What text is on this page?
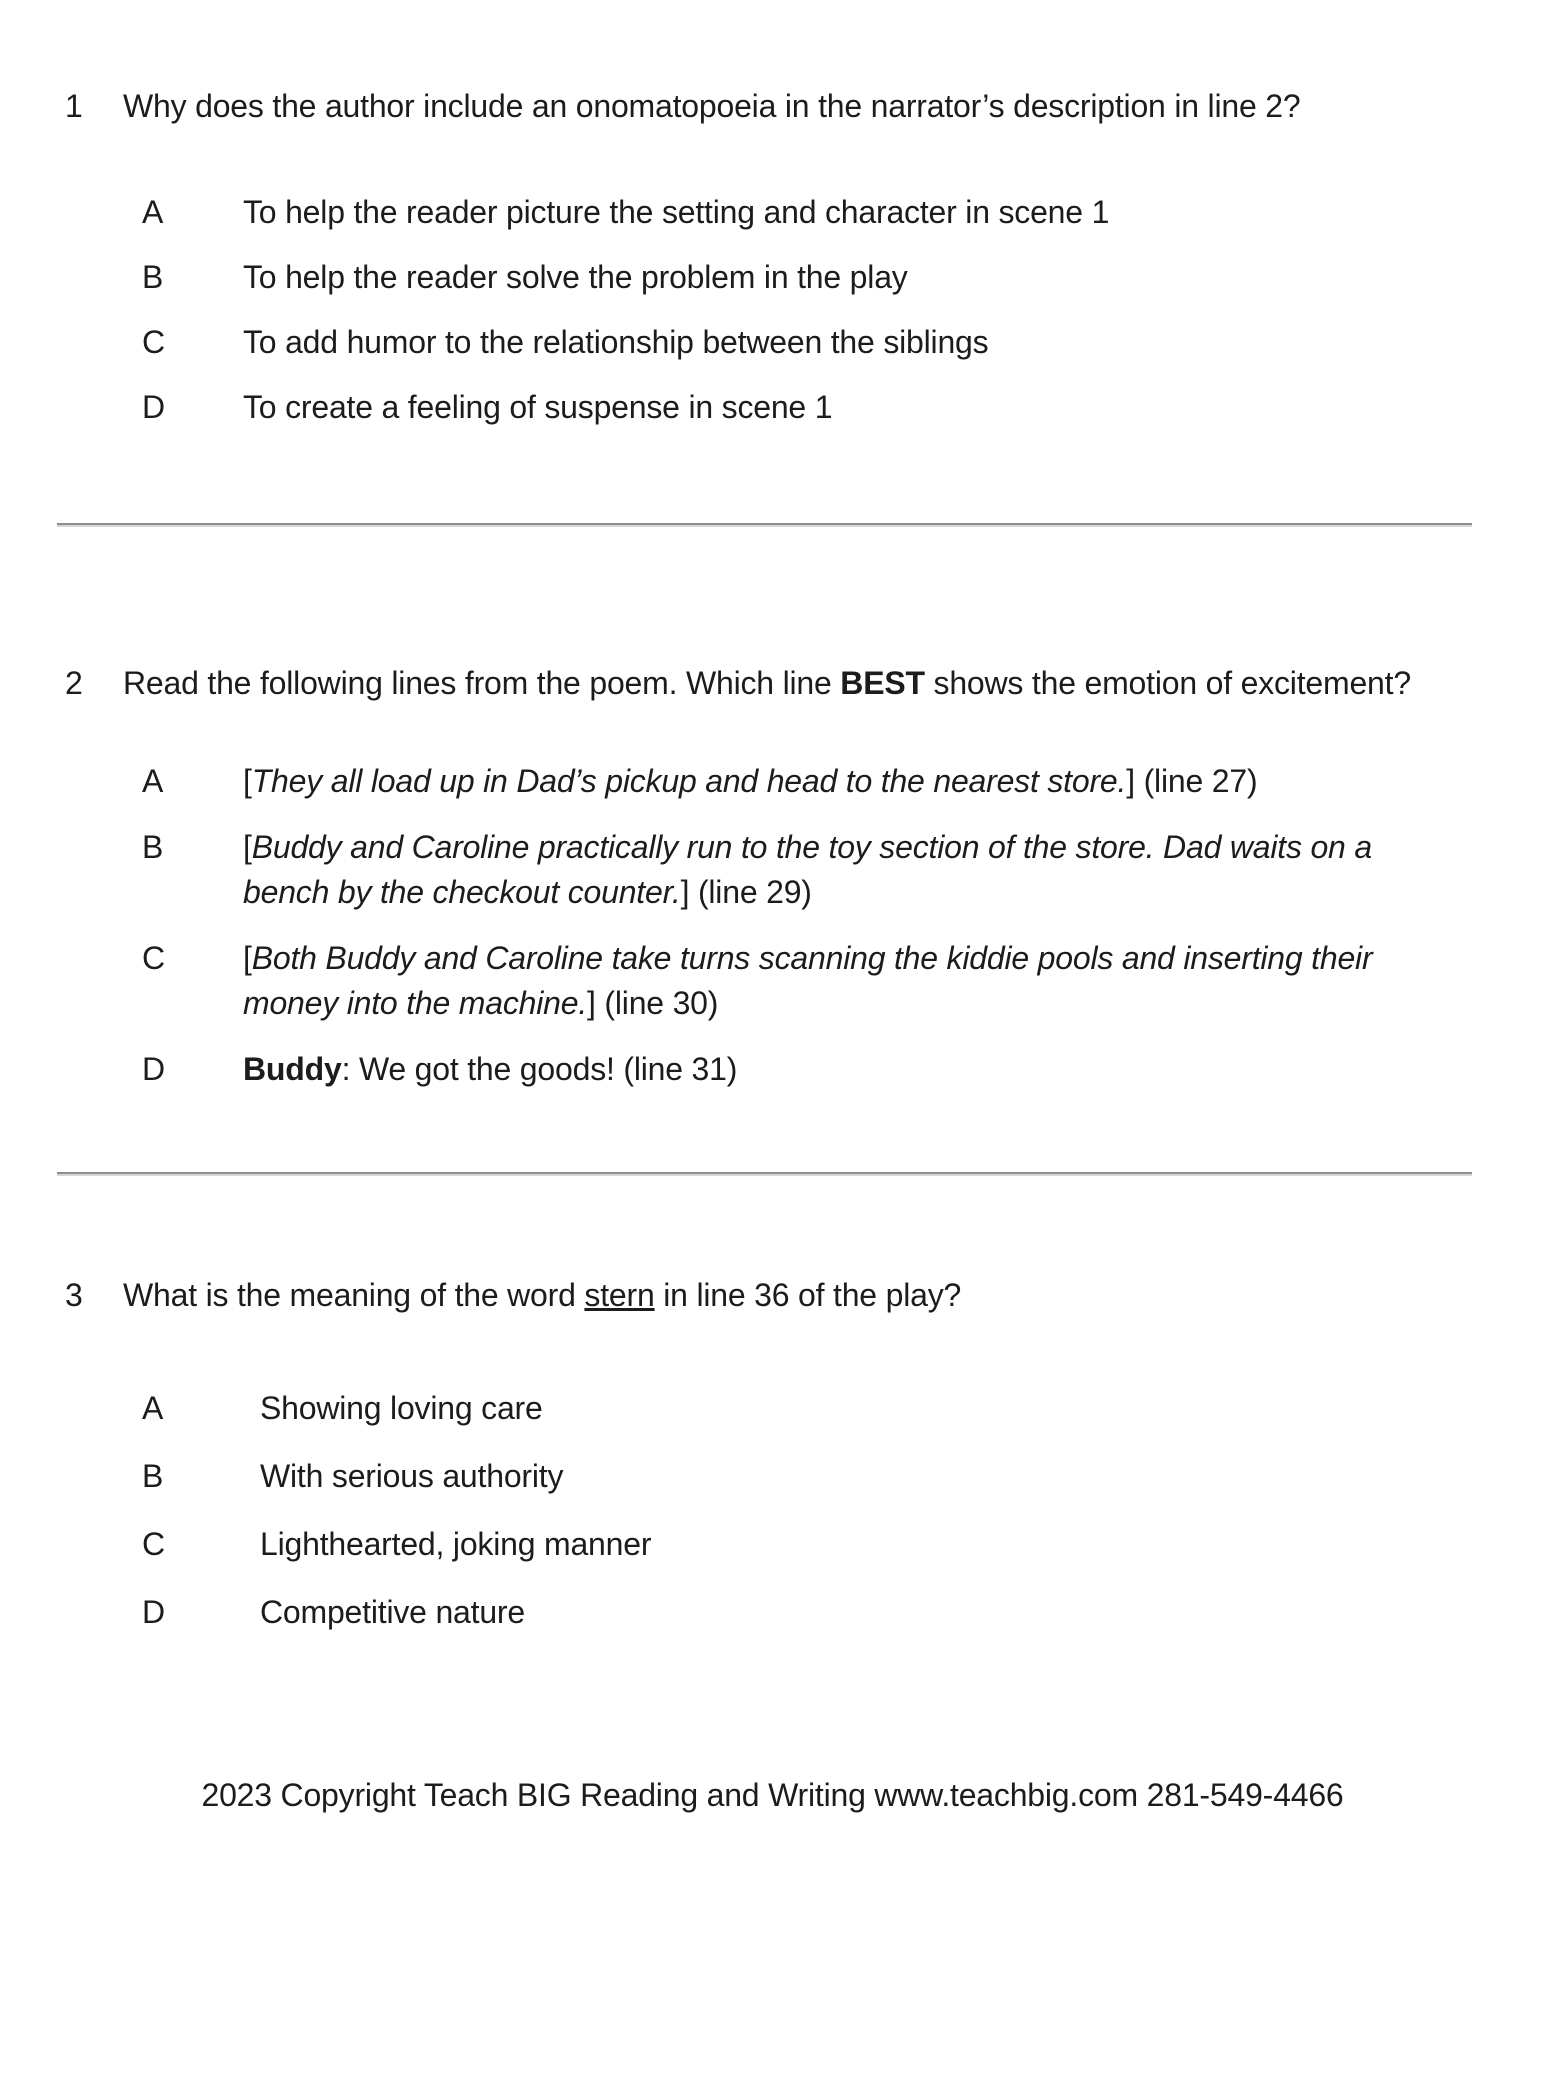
1	Why does the author include an onomatopoeia in the narrator’s description in line 2?
A	To help the reader picture the setting and character in scene 1
B	To help the reader solve the problem in the play
C	To add humor to the relationship between the siblings
D	To create a feeling of suspense in scene 1
2	Read the following lines from the poem. Which line BEST shows the emotion of excitement?
A	[They all load up in Dad’s pickup and head to the nearest store.] (line 27)
B	[Buddy and Caroline practically run to the toy section of the store. Dad waits on a bench by the checkout counter.] (line 29)
C	[Both Buddy and Caroline take turns scanning the kiddie pools and inserting their money into the machine.] (line 30)
D	Buddy: We got the goods! (line 31)
3	What is the meaning of the word stern in line 36 of the play?
A	Showing loving care
B	With serious authority
C	Lighthearted, joking manner
D	Competitive nature
2023 Copyright Teach BIG Reading and Writing www.teachbig.com 281-549-4466
